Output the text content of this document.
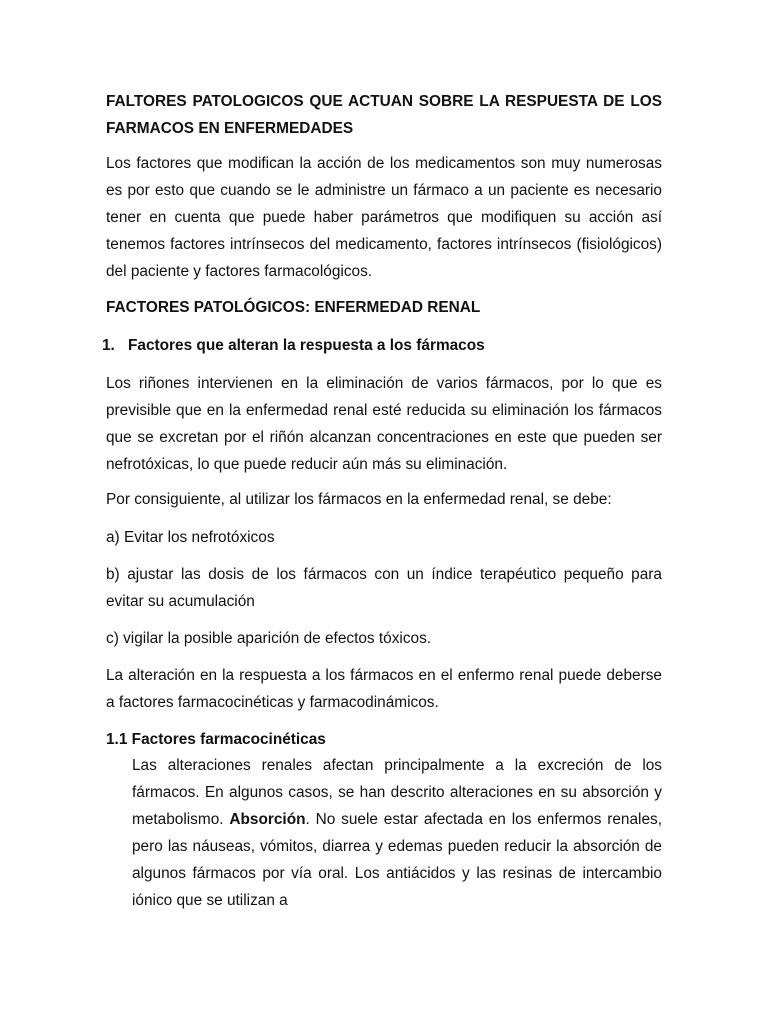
FALTORES PATOLOGICOS QUE ACTUAN SOBRE LA RESPUESTA DE LOS FARMACOS EN ENFERMEDADES

Los factores que modifican la acción de los medicamentos son muy numerosas es por esto que cuando se le administre un fármaco a un paciente es necesario tener en cuenta que puede haber parámetros que modifiquen su acción así tenemos factores intrínsecos del medicamento, factores intrínsecos (fisiológicos) del paciente y factores farmacológicos.

FACTORES PATOLÓGICOS: ENFERMEDAD RENAL

1. Factores que alteran la respuesta a los fármacos

Los riñones intervienen en la eliminación de varios fármacos, por lo que es previsible que en la enfermedad renal esté reducida su eliminación los fármacos que se excretan por el riñón alcanzan concentraciones en este que pueden ser nefrotóxicas, lo que puede reducir aún más su eliminación.

Por consiguiente, al utilizar los fármacos en la enfermedad renal, se debe:

a) Evitar los nefrotóxicos

b) ajustar las dosis de los fármacos con un índice terapéutico pequeño para evitar su acumulación

c) vigilar la posible aparición de efectos tóxicos.

La alteración en la respuesta a los fármacos en el enfermo renal puede deberse a factores farmacocinéticas y farmacodinámicos.

1.1 Factores farmacocinéticas

Las alteraciones renales afectan principalmente a la excreción de los fármacos. En algunos casos, se han descrito alteraciones en su absorción y metabolismo. Absorción. No suele estar afectada en los enfermos renales, pero las náuseas, vómitos, diarrea y edemas pueden reducir la absorción de algunos fármacos por vía oral. Los antiácidos y las resinas de intercambio iónico que se utilizan a
